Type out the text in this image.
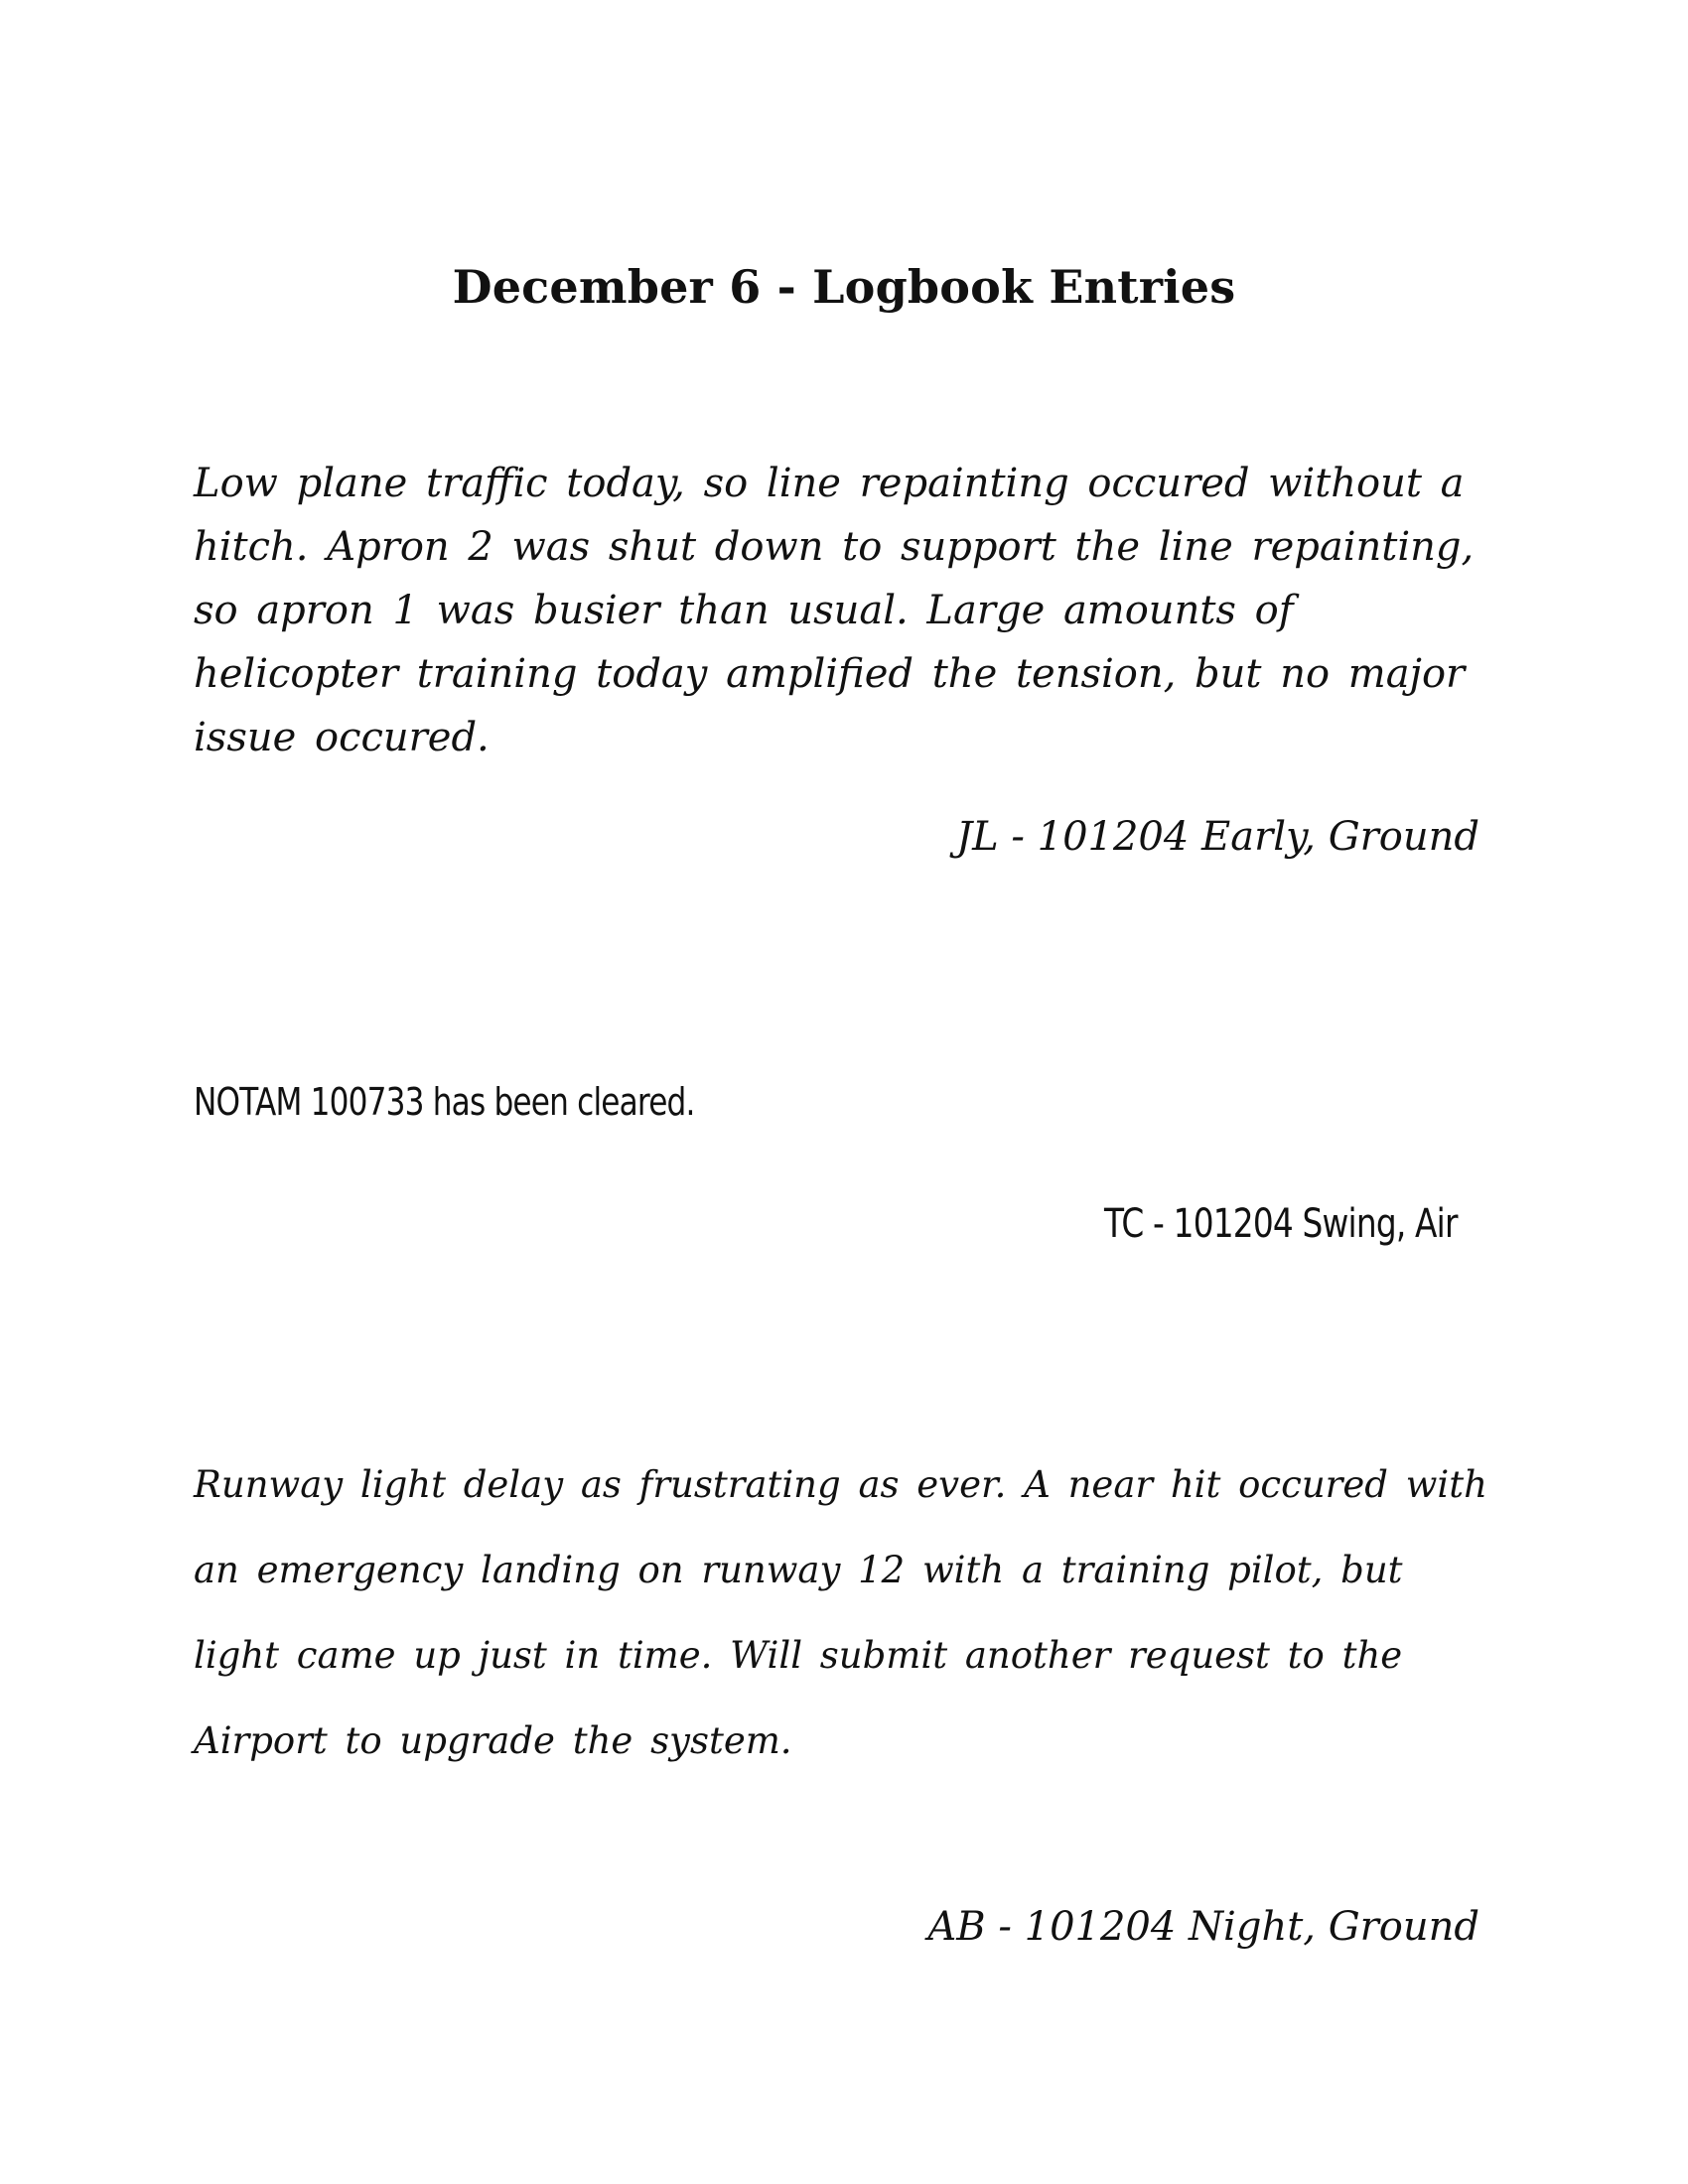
December 6 - Logbook Entries
Low plane traffic today, so line repainting occured without a hitch. Apron 2 was shut down to support the line repainting, so apron 1 was busier than usual. Large amounts of helicopter training today amplified the tension, but no major issue occured.
JL - 101204 Early, Ground
NOTAM 100733 has been cleared.
TC - 101204 Swing, Air
Runway light delay as frustrating as ever. A near hit occured with an emergency landing on runway 12 with a training pilot, but light came up just in time. Will submit another request to the Airport to upgrade the system.
AB - 101204 Night, Ground
